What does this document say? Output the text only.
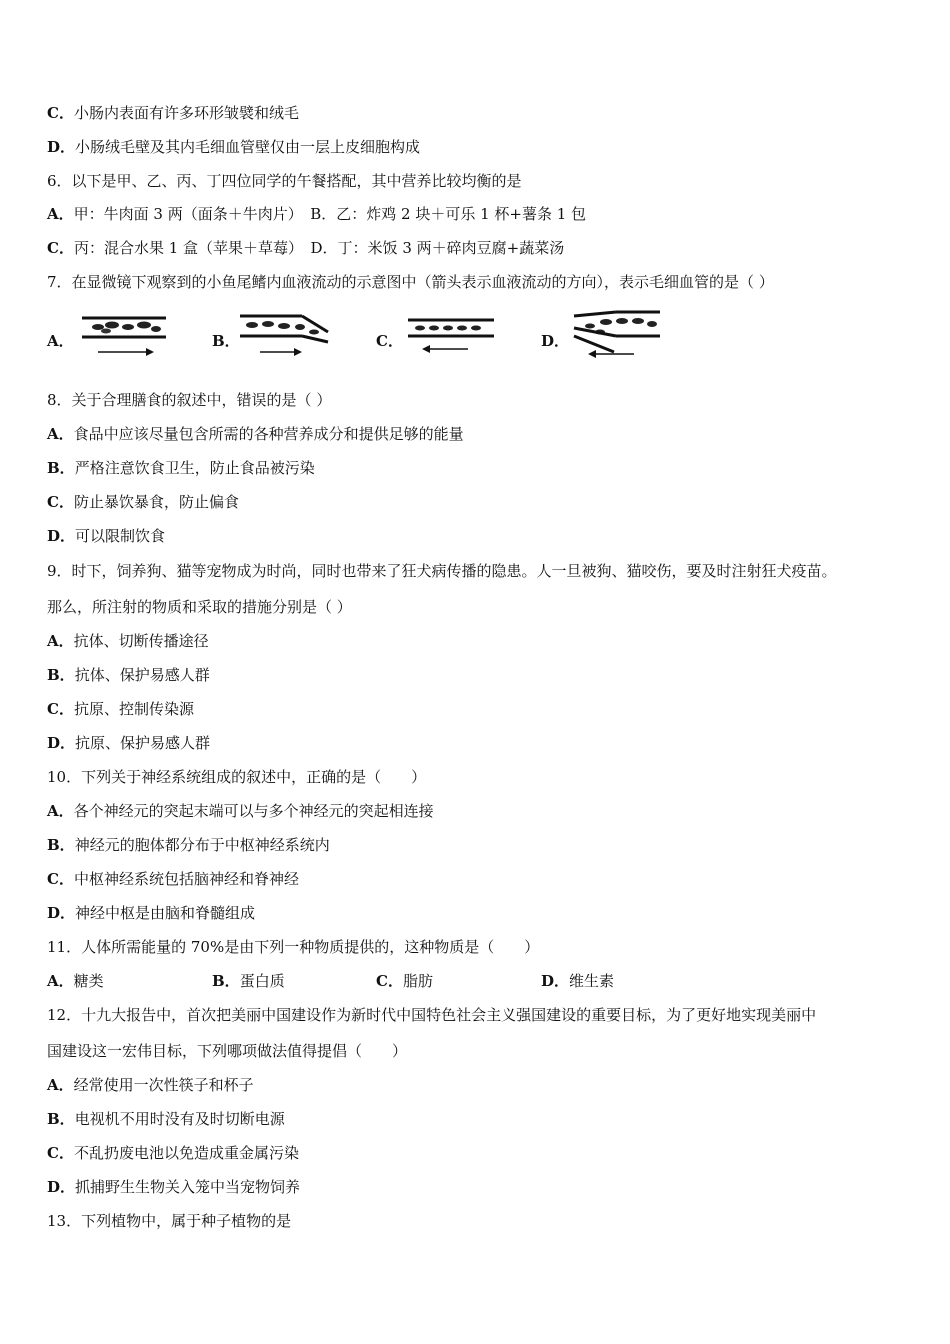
C．小肠内表面有许多环形皱襞和绒毛
D．小肠绒毛壁及其内毛细血管壁仅由一层上皮细胞构成
6．以下是甲、乙、丙、丁四位同学的午餐搭配，其中营养比较均衡的是
A．甲：牛肉面 3 两（面条＋牛肉片）　B．乙：炸鸡 2 块＋可乐 1 杯+薯条 1 包
C．丙：混合水果 1 盒（苹果＋草莓）　D．丁：米饭 3 两＋碎肉豆腐+蔬菜汤
7．在显微镜下观察到的小鱼尾鳍内血液流动的示意图中（箭头表示血液流动的方向），表示毛细血管的是（ ）
A．	B．	C．	D．
8．关于合理膳食的叙述中，错误的是（ ）
A．食品中应该尽量包含所需的各种营养成分和提供足够的能量
B．严格注意饮食卫生，防止食品被污染
C．防止暴饮暴食，防止偏食
D．可以限制饮食
9．时下，饲养狗、猫等宠物成为时尚，同时也带来了狂犬病传播的隐患。人一旦被狗、猫咬伤，要及时注射狂犬疫苗。
那么，所注射的物质和采取的措施分别是（ ）
A．抗体、切断传播途径
B．抗体、保护易感人群
C．抗原、控制传染源
D．抗原、保护易感人群
10．下列关于神经系统组成的叙述中，正确的是（　　）
A．各个神经元的突起末端可以与多个神经元的突起相连接
B．神经元的胞体都分布于中枢神经系统内
C．中枢神经系统包括脑神经和脊神经
D．神经中枢是由脑和脊髓组成
11．人体所需能量的 70%是由下列一种物质提供的，这种物质是（　　）
A．糖类	B．蛋白质	C．脂肪	D．维生素
12．十九大报告中，首次把美丽中国建设作为新时代中国特色社会主义强国建设的重要目标，为了更好地实现美丽中
国建设这一宏伟目标，下列哪项做法值得提倡（　　）
A．经常使用一次性筷子和杯子
B．电视机不用时没有及时切断电源
C．不乱扔废电池以免造成重金属污染
D．抓捕野生生物关入笼中当宠物饲养
13．下列植物中，属于种子植物的是
